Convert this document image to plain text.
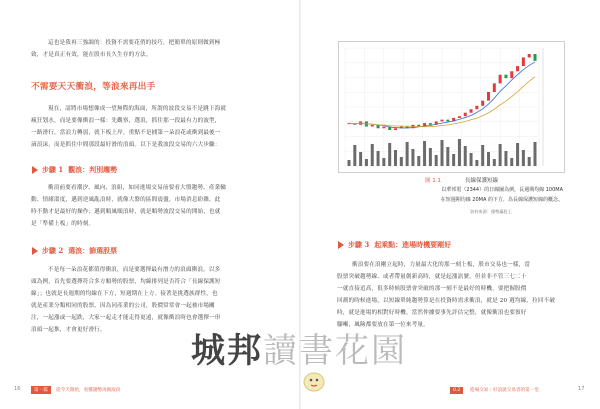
這也是我再三強調的：投資不需要花俏的技巧，把簡單的原則做到極
致，才是真正有效，能在股市長久生存的方法。
不需要天天衝浪，等浪來再出手
現在，請將市場想像成一望無際的海面，所謂的波段交易不是跳下海就
瘋狂划水，而是要像衝浪一樣：先觀察，選浪，抓住那一段最有力的波型，
一路滑行，當浪力轉弱，就下板上岸。重點不是捕第一朵浪花或衝到最後一
滴浪沫，而是抓住中間那段最好滑的浪頭。以下是我波段交易的六大步驟：
步驟 1 觀浪：判別趨勢
衝浪前要看潮汐、風向、浪組，如同進場交易前要看大盤趨勢、產業輪
動、情緒溫度，邁到逆風亂浪時，就像大盤的區間震盪，市場消息紛雜，此
時不動才是最好的操作；邁到順風順浪時，就是順勢波段交易的開始，也就
是「準備上板」的時刻。
步驟 2 選浪：篩選股票
不是每一朵浪花都值得衝浪，而是要選擇最有潛力的浪頭衝浪。以多
頭為例，首先要選擇符合多方順勢的股票，均線排列是否符合「長線保護短
線」；也就是長週期的均線在下方，短週期在上方。接著是挑選族群性，也
就是產業分類相同的股票，因為同產業的公司，股價常常會一起被市場關
注，一起漲或一起跌，大家一起走才能走得更遠，就像衝浪時也會選擇一串
浪頭一起推，才會更好滑行。
16	第一篇	從今天開始，看懂趨勢再做波段
圖 1.1	長線保護短線
以華邦電（2344）的日線圖為例，長週期均線 100MA
在短週期均線 20MA 的下方，為長線保護短線的概念。
資料來源：優勢贏股王
步驟 3 起乘點：進場時機要剛好
衝浪要在浪剛立起時，力量最大化的那一刻上板，股市交易也一樣，當
股票突破趨勢線、或者帶量創新高時，就是起漲訊號。但並非不管三七二十
一就直接追高，很多時候股票會突破的那一刻不是最好的時機，要把握股價
回測的時候進場，以短線單純趨勢算是在投資時需求衝浪，就是 20 週均線，拉回不破
時，就是進場的相對好時機。當然仲據要事先評估完整，就像衝浪也要預好
腳噸，風險都要放在第一位來考量。
進場交易｜好浪就交易者的第一堂
0.2	17
城邦讀書花園
